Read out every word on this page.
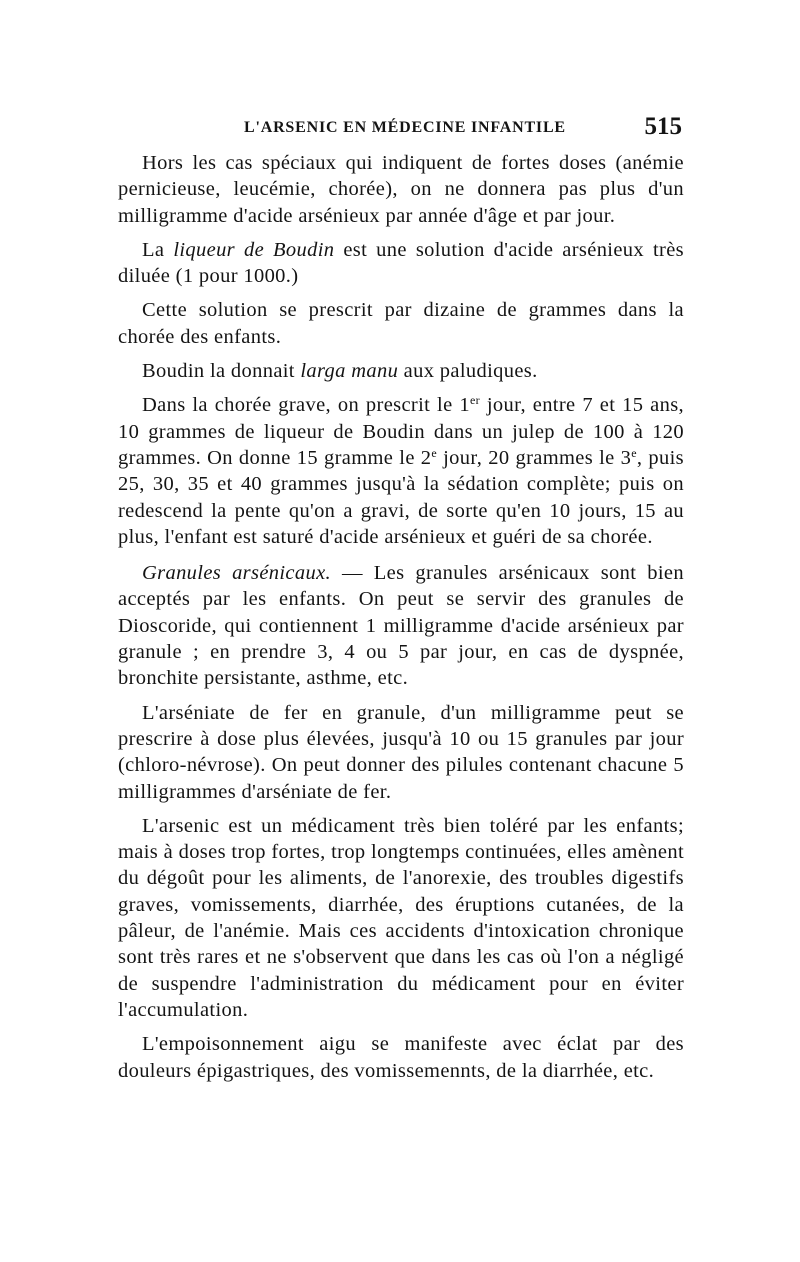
L'ARSENIC EN MÉDECINE INFANTILE	515

Hors les cas spéciaux qui indiquent de fortes doses (anémie pernicieuse, leucémie, chorée), on ne donnera pas plus d'un milligramme d'acide arsénieux par année d'âge et par jour.

La liqueur de Boudin est une solution d'acide arsénieux très diluée (1 pour 1000.)

Cette solution se prescrit par dizaine de grammes dans la chorée des enfants.

Boudin la donnait larga manu aux paludiques.

Dans la chorée grave, on prescrit le 1er jour, entre 7 et 15 ans, 10 grammes de liqueur de Boudin dans un julep de 100 à 120 grammes. On donne 15 gramme le 2e jour, 20 grammes le 3e, puis 25, 30, 35 et 40 grammes jusqu'à la sédation complète; puis on redescend la pente qu'on a gravi, de sorte qu'en 10 jours, 15 au plus, l'enfant est saturé d'acide arsénieux et guéri de sa chorée.

Granules arsénicaux. — Les granules arsénicaux sont bien acceptés par les enfants. On peut se servir des granules de Dioscoride, qui contiennent 1 milligramme d'acide arsénieux par granule ; en prendre 3, 4 ou 5 par jour, en cas de dyspnée, bronchite persistante, asthme, etc.

L'arséniate de fer en granule, d'un milligramme peut se prescrire à dose plus élevées, jusqu'à 10 ou 15 granules par jour (chloro-névrose). On peut donner des pilules contenant chacune 5 milligrammes d'arséniate de fer.

L'arsenic est un médicament très bien toléré par les enfants; mais à doses trop fortes, trop longtemps continuées, elles amènent du dégoût pour les aliments, de l'anorexie, des troubles digestifs graves, vomissements, diarrhée, des éruptions cutanées, de la pâleur, de l'anémie. Mais ces accidents d'intoxication chronique sont très rares et ne s'observent que dans les cas où l'on a négligé de suspendre l'administration du médicament pour en éviter l'accumulation.

L'empoisonnement aigu se manifeste avec éclat par des douleurs épigastriques, des vomissemennts, de la diarrhée, etc.
